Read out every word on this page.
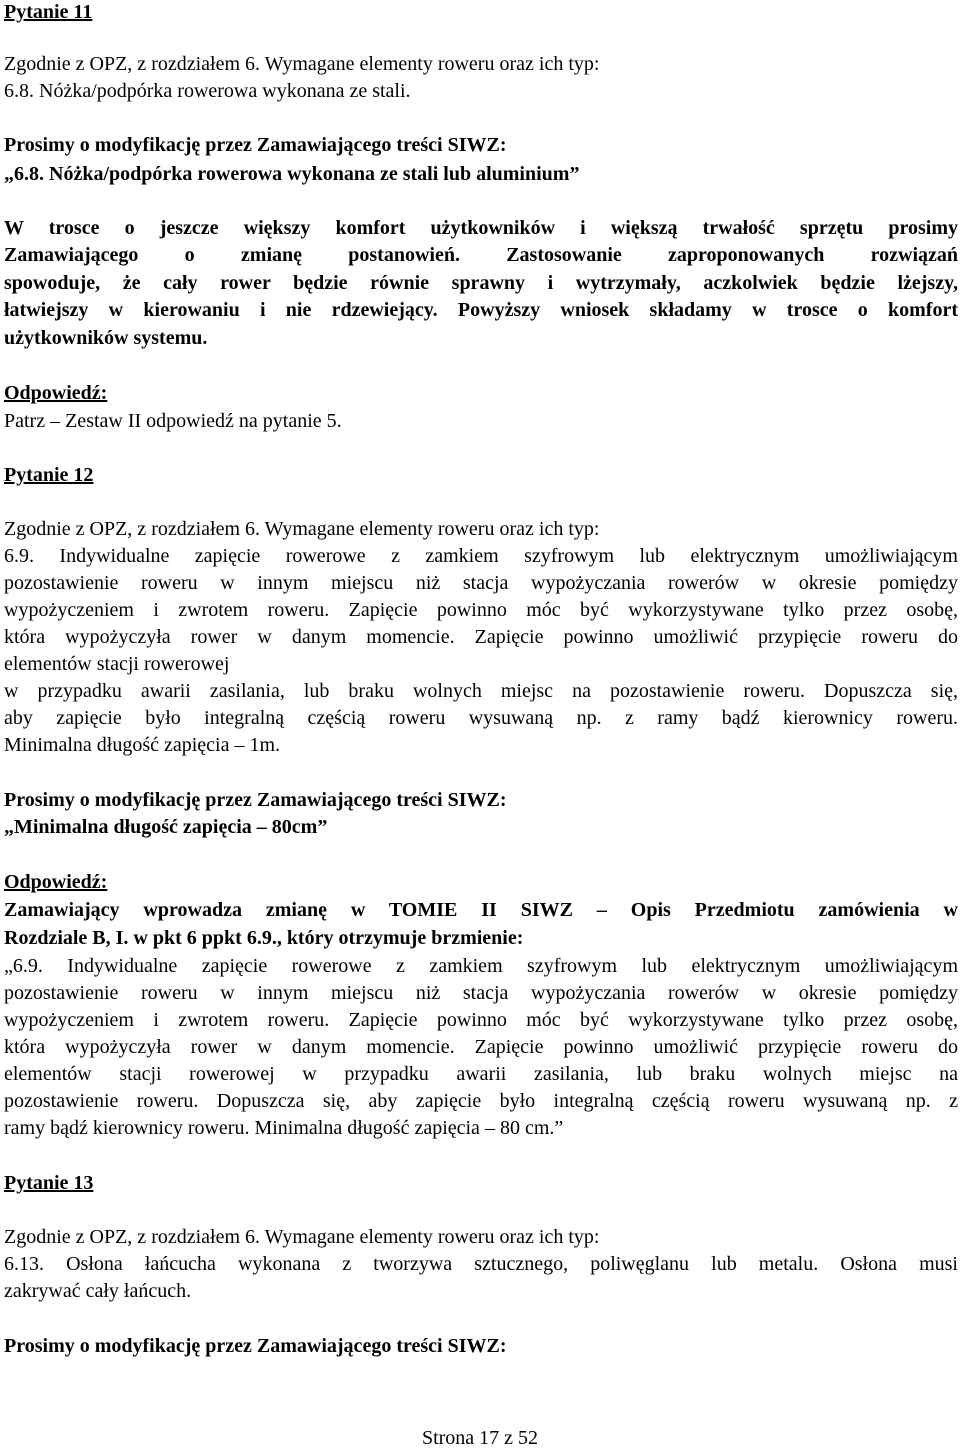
Pytanie 11
Zgodnie z OPZ, z rozdziałem 6. Wymagane elementy roweru oraz ich typ:
6.8. Nóżka/podpórka rowerowa wykonana ze stali.
Prosimy o modyfikację przez Zamawiającego treści SIWZ:
„6.8. Nóżka/podpórka rowerowa wykonana ze stali lub aluminium”
W trosce o jeszcze większy komfort użytkowników i większą trwałość sprzętu prosimy
Zamawiającego o zmianę postanowień. Zastosowanie zaproponowanych rozwiązań
spowoduje, że cały rower będzie równie sprawny i wytrzymały, aczkolwiek będzie lżejszy,
łatwiejszy w kierowaniu i nie rdzewiejący. Powyższy wniosek składamy w trosce o komfort
użytkowników systemu.
Odpowiedź:
Patrz – Zestaw II odpowiedź na pytanie 5.
Pytanie 12
Zgodnie z OPZ, z rozdziałem 6. Wymagane elementy roweru oraz ich typ:
6.9. Indywidualne zapięcie rowerowe z zamkiem szyfrowym lub elektrycznym umożliwiającym
pozostawienie roweru w innym miejscu niż stacja wypożyczania rowerów w okresie pomiędzy
wypożyczeniem i zwrotem roweru. Zapięcie powinno móc być wykorzystywane tylko przez osobę,
która wypożyczyła rower w danym momencie. Zapięcie powinno umożliwić przypięcie roweru do
elementów stacji rowerowej
w przypadku awarii zasilania, lub braku wolnych miejsc na pozostawienie roweru. Dopuszcza się,
aby zapięcie było integralną częścią roweru wysuwaną np. z ramy bądź kierownicy roweru.
Minimalna długość zapięcia – 1m.
Prosimy o modyfikację przez Zamawiającego treści SIWZ:
„Minimalna długość zapięcia – 80cm”
Odpowiedź:
Zamawiający wprowadza zmianę w TOMIE II SIWZ – Opis Przedmiotu zamówienia w
Rozdziale B, I. w pkt 6 ppkt 6.9., który otrzymuje brzmienie:
„6.9. Indywidualne zapięcie rowerowe z zamkiem szyfrowym lub elektrycznym umożliwiającym
pozostawienie roweru w innym miejscu niż stacja wypożyczania rowerów w okresie pomiędzy
wypożyczeniem i zwrotem roweru. Zapięcie powinno móc być wykorzystywane tylko przez osobę,
która wypożyczyła rower w danym momencie. Zapięcie powinno umożliwić przypięcie roweru do
elementów stacji rowerowej w przypadku awarii zasilania, lub braku wolnych miejsc na
pozostawienie roweru. Dopuszcza się, aby zapięcie było integralną częścią roweru wysuwaną np. z
ramy bądź kierownicy roweru. Minimalna długość zapięcia – 80 cm.”
Pytanie 13
Zgodnie z OPZ, z rozdziałem 6. Wymagane elementy roweru oraz ich typ:
6.13. Osłona łańcucha wykonana z tworzywa sztucznego, poliwęglanu lub metalu. Osłona musi
zakrywać cały łańcuch.
Prosimy o modyfikację przez Zamawiającego treści SIWZ:
Strona 17 z 52
